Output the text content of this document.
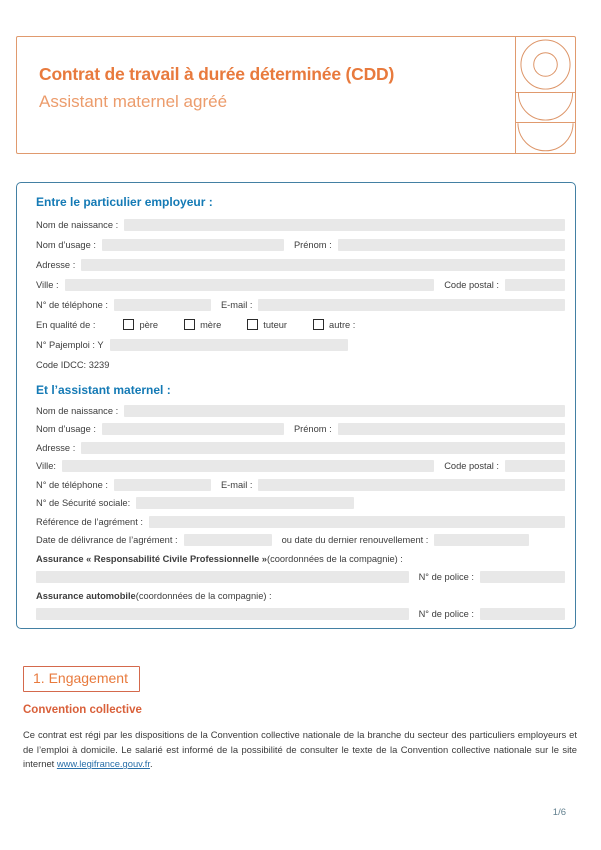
Contrat de travail à durée déterminée (CDD)
Assistant maternel agréé
Entre le particulier employeur :
Nom de naissance :
Nom d’usage :	Prénom :
Adresse :
Ville :	Code postal :
N° de téléphone :	E-mail :
En qualité de :	père	mère	tuteur	autre :
N° Pajemploi : Y
Code IDCC: 3239
Et l’assistant maternel :
Nom de naissance :
Nom d’usage :	Prénom :
Adresse :
Ville:	Code postal :
N° de téléphone :	E-mail :
N° de Sécurité sociale:
Référence de l’agrément :
Date de délivrance de l’agrément :	ou date du dernier renouvellement :
Assurance « Responsabilité Civile Professionnelle » (coordonnées de la compagnie) :
N° de police :
Assurance automobile (coordonnées de la compagnie) :
N° de police :
1. Engagement
Convention collective
Ce contrat est régi par les dispositions de la Convention collective nationale de la branche du secteur des particuliers employeurs et de l’emploi à domicile. Le salarié est informé de la possibilité de consulter le texte de la Convention collective nationale sur le site internet www.legifrance.gouv.fr.
1/6
